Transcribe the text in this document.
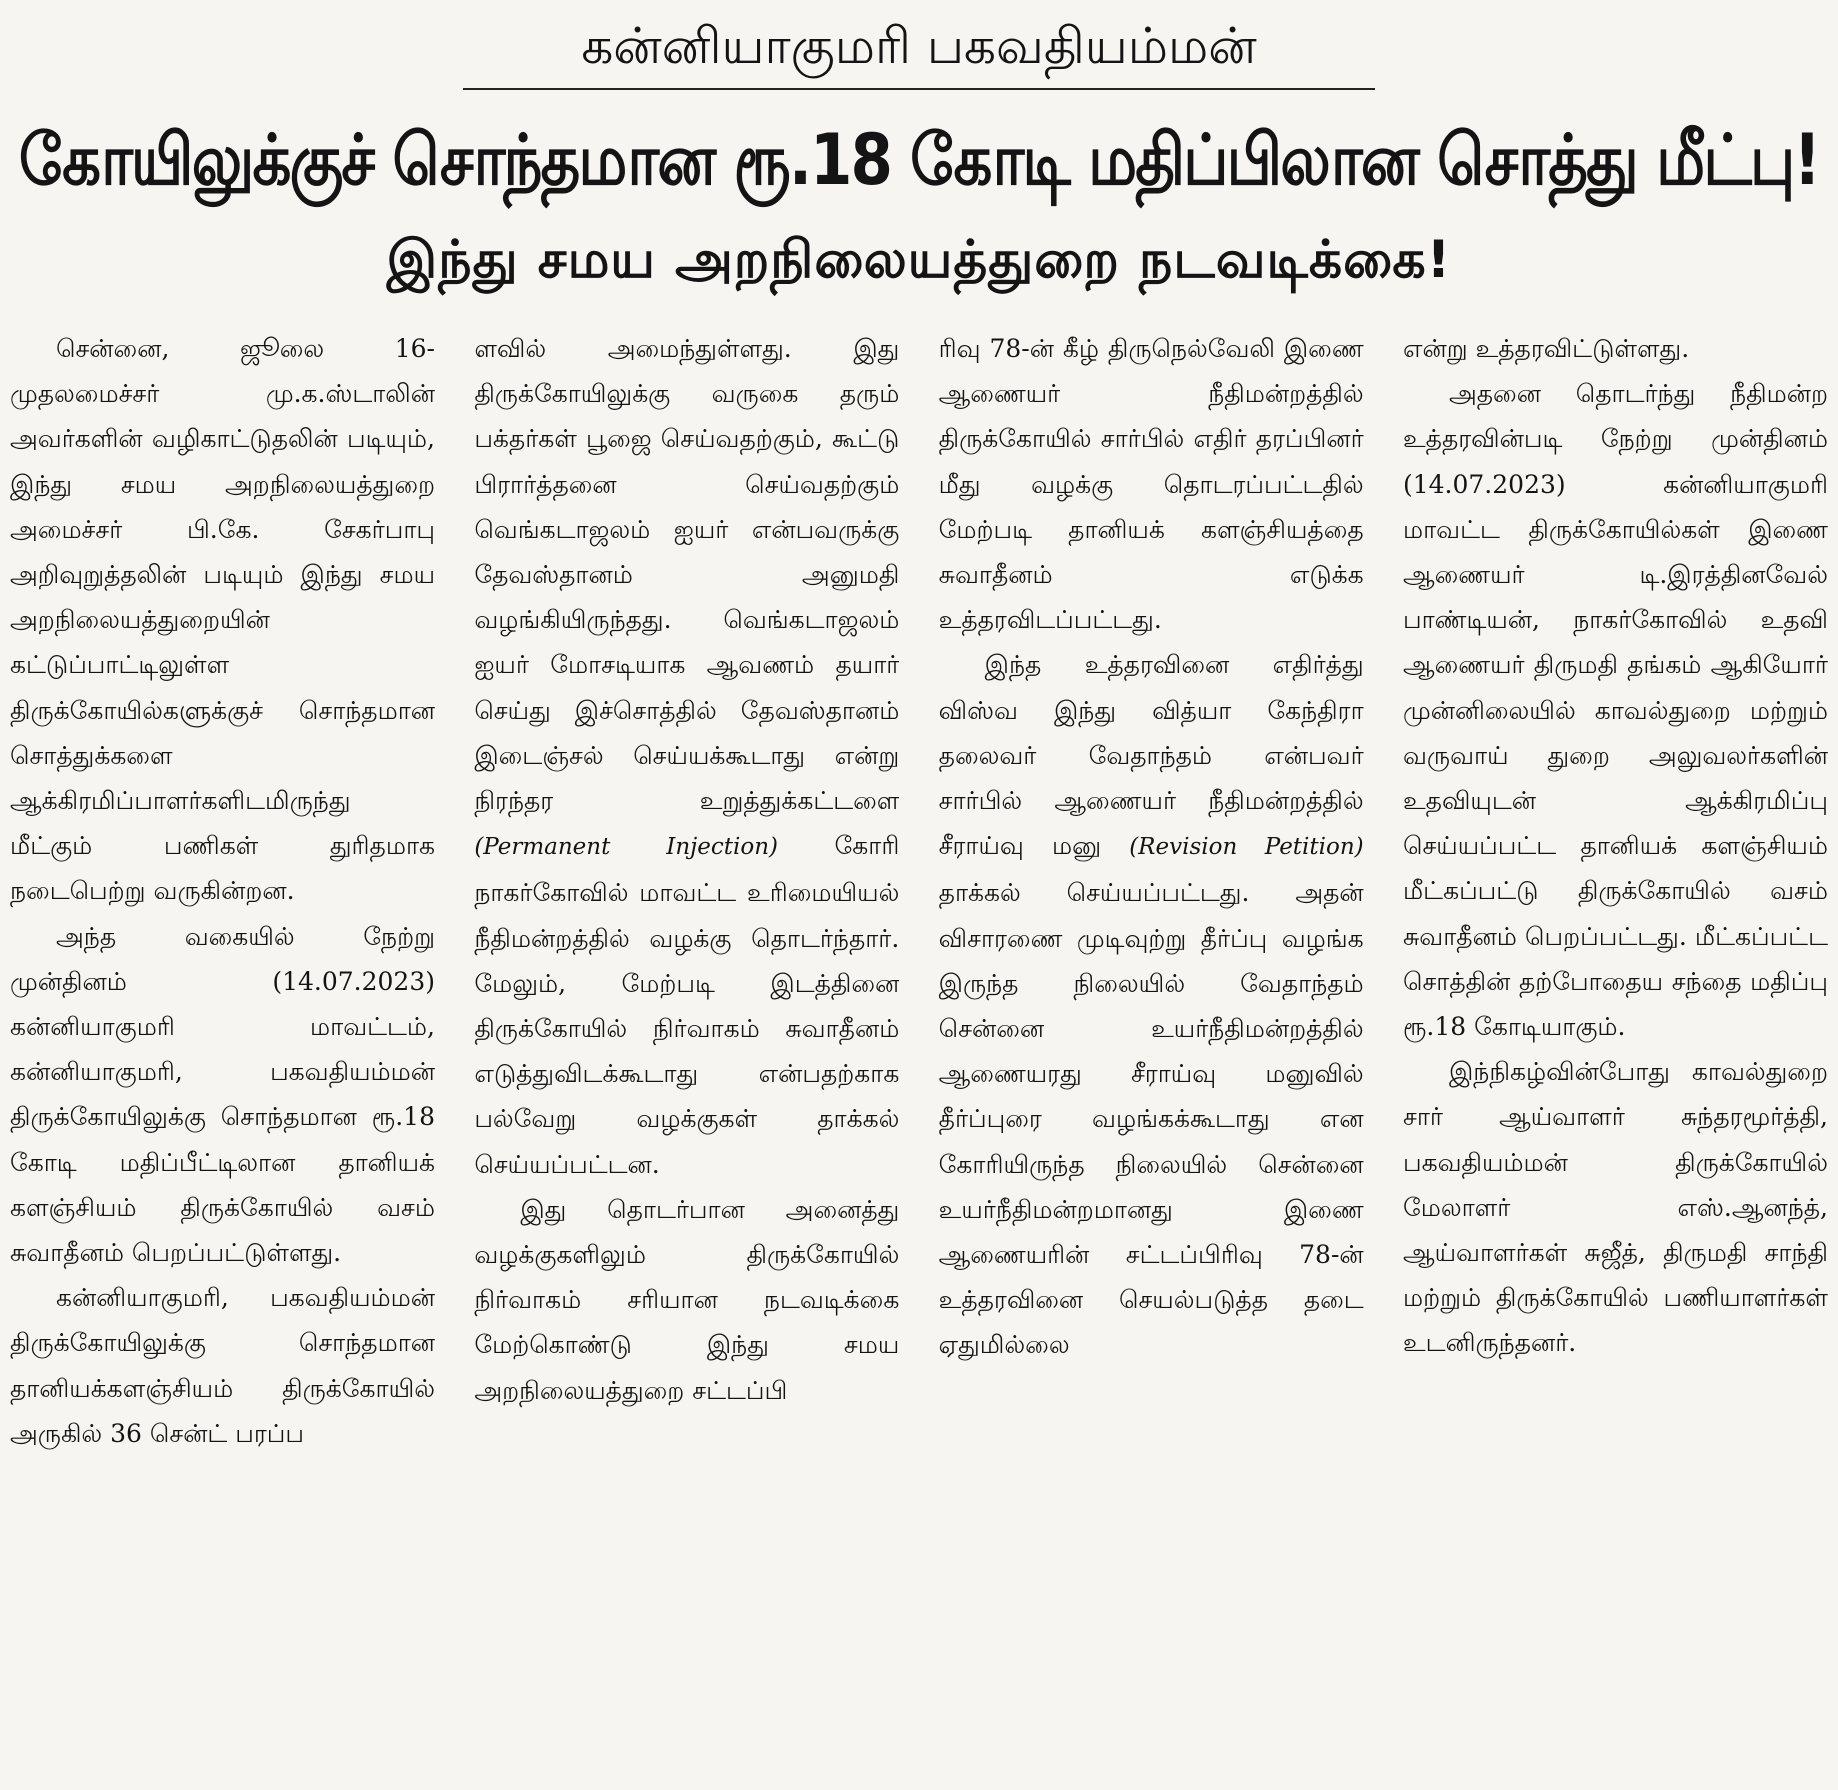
கன்னியாகுமரி பகவதியம்மன்
கோயிலுக்குச் சொந்தமான ரூ.18 கோடி மதிப்பிலான சொத்து மீட்பு!
இந்து சமய அறநிலையத்துறை நடவடிக்கை!

சென்னை, ஜூலை 16- முதலமைச்சர் மு.க.ஸ்டாலின் அவர்களின் வழிகாட்டுதலின் படியும், இந்து சமய அறநிலையத்துறை அமைச்சர் பி.கே. சேகர்பாபு அறிவுறுத்தலின் படியும் இந்து சமய அறநிலையத்துறையின் கட்டுப்பாட்டிலுள்ள திருக்கோயில்களுக்குச் சொந்தமான சொத்துக்களை ஆக்கிரமிப்பாளர்களிடமிருந்து மீட்கும் பணிகள் துரிதமாக நடைபெற்று வருகின்றன.

அந்த வகையில் நேற்று முன்தினம் (14.07.2023) கன்னியாகுமரி மாவட்டம், கன்னியாகுமரி, பகவதியம்மன் திருக்கோயிலுக்கு சொந்தமான ரூ.18 கோடி மதிப்பீட்டிலான தானியக் களஞ்சியம் திருக்கோயில் வசம் சுவாதீனம் பெறப்பட்டுள்ளது.

கன்னியாகுமரி, பகவதியம்மன் திருக்கோயிலுக்கு சொந்தமான தானியக்களஞ்சியம் திருக்கோயில் அருகில் 36 சென்ட் பரப்ப

ளவில் அமைந்துள்ளது. இது திருக்கோயிலுக்கு வருகை தரும் பக்தர்கள் பூஜை செய்வதற்கும், கூட்டு பிரார்த்தனை செய்வதற்கும் வெங்கடாஜலம் ஐயர் என்பவருக்கு தேவஸ்தானம் அனுமதி வழங்கியிருந்தது. வெங்கடாஜலம் ஐயர் மோசடியாக ஆவணம் தயார் செய்து இச்சொத்தில் தேவஸ்தானம் இடைஞ்சல் செய்யக்கூடாது என்று நிரந்தர உறுத்துக்கட்டளை (Permanent Injection) கோரி நாகர்கோவில் மாவட்ட உரிமையியல் நீதிமன்றத்தில் வழக்கு தொடர்ந்தார். மேலும், மேற்படி இடத்தினை திருக்கோயில் நிர்வாகம் சுவாதீனம் எடுத்துவிடக்கூடாது என்பதற்காக பல்வேறு வழக்குகள் தாக்கல் செய்யப்பட்டன.

இது தொடர்பான அனைத்து வழக்குகளிலும் திருக்கோயில் நிர்வாகம் சரியான நடவடிக்கை மேற்கொண்டு இந்து சமய அறநிலையத்துறை சட்டப்பி

ரிவு 78-ன் கீழ் திருநெல்வேலி இணை ஆணையர் நீதிமன்றத்தில் திருக்கோயில் சார்பில் எதிர் தரப்பினர் மீது வழக்கு தொடரப்பட்டதில் மேற்படி தானியக் களஞ்சியத்தை சுவாதீனம் எடுக்க உத்தரவிடப்பட்டது.

இந்த உத்தரவினை எதிர்த்து விஸ்வ இந்து வித்யா கேந்திரா தலைவர் வேதாந்தம் என்பவர் சார்பில் ஆணையர் நீதிமன்றத்தில் சீராய்வு மனு (Revision Petition) தாக்கல் செய்யப்பட்டது. அதன் விசாரணை முடிவுற்று தீர்ப்பு வழங்க இருந்த நிலையில் வேதாந்தம் சென்னை உயர்நீதிமன்றத்தில் ஆணையரது சீராய்வு மனுவில் தீர்ப்புரை வழங்கக்கூடாது என கோரியிருந்த நிலையில் சென்னை உயர்நீதிமன்றமானது இணை ஆணையரின் சட்டப்பிரிவு 78-ன் உத்தரவினை செயல்படுத்த தடை ஏதுமில்லை

என்று உத்தரவிட்டுள்ளது.

அதனை தொடர்ந்து நீதிமன்ற உத்தரவின்படி நேற்று முன்தினம் (14.07.2023) கன்னியாகுமரி மாவட்ட திருக்கோயில்கள் இணை ஆணையர் டி.இரத்தினவேல் பாண்டியன், நாகர்கோவில் உதவி ஆணையர் திருமதி தங்கம் ஆகியோர் முன்னிலையில் காவல்துறை மற்றும் வருவாய் துறை அலுவலர்களின் உதவியுடன் ஆக்கிரமிப்பு செய்யப்பட்ட தானியக் களஞ்சியம் மீட்கப்பட்டு திருக்கோயில் வசம் சுவாதீனம் பெறப்பட்டது. மீட்கப்பட்ட சொத்தின் தற்போதைய சந்தை மதிப்பு ரூ.18 கோடியாகும்.

இந்நிகழ்வின்போது காவல்துறை சார் ஆய்வாளர் சுந்தரமூர்த்தி, பகவதியம்மன் திருக்கோயில் மேலாளர் எஸ்.ஆனந்த், ஆய்வாளர்கள் சுஜீத், திருமதி சாந்தி மற்றும் திருக்கோயில் பணியாளர்கள் உடனிருந்தனர்.
